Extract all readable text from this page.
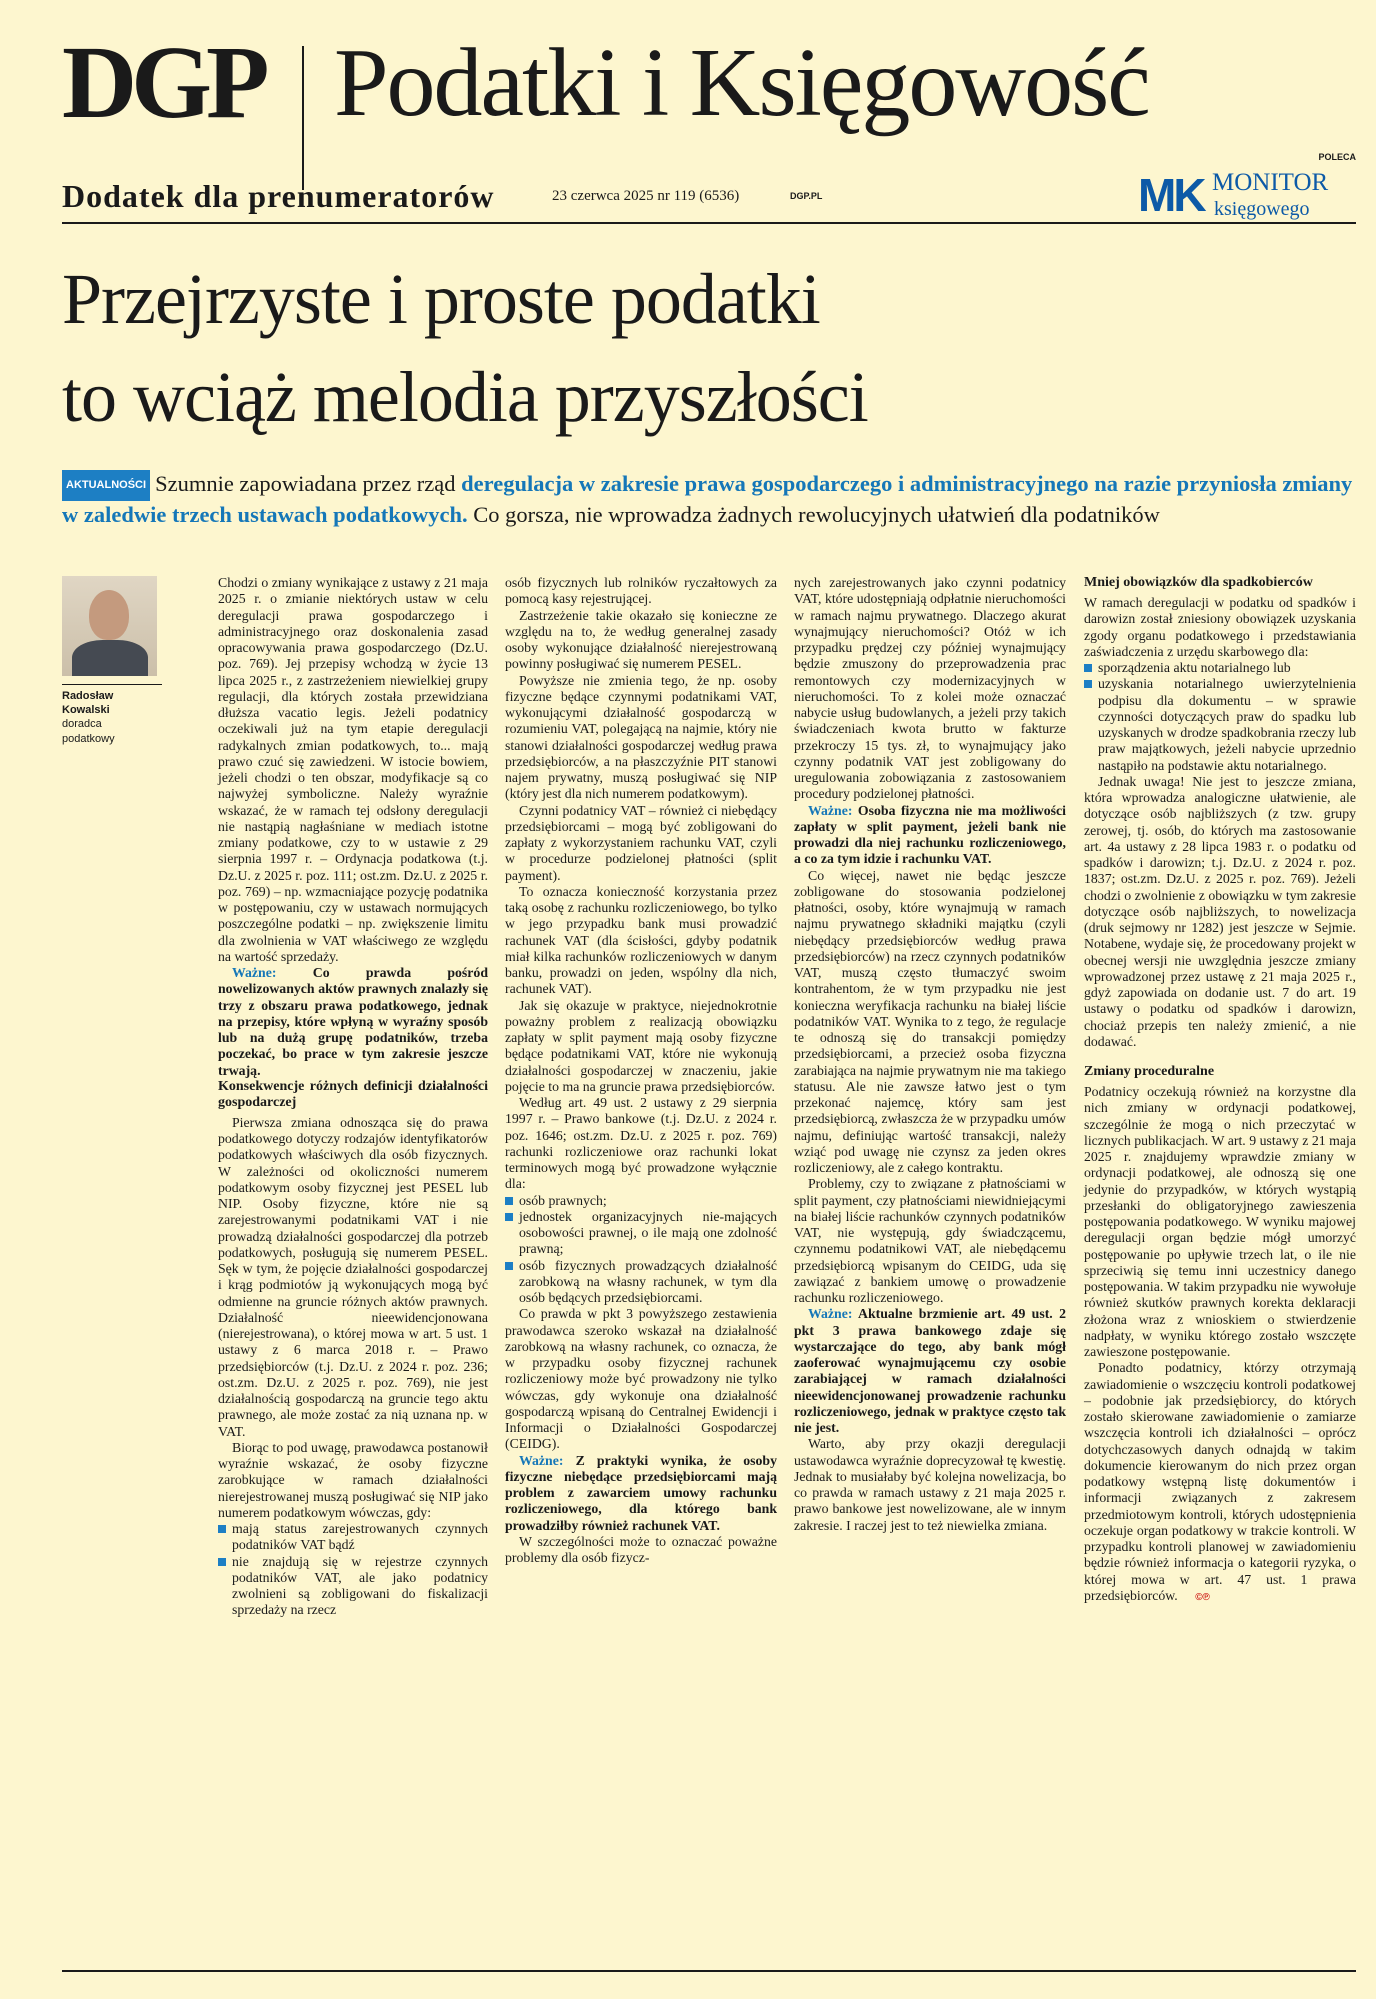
DGP Podatki i Księgowość
Dodatek dla prenumeratorów	23 czerwca 2025 nr 119 (6536)	DGP.PL
POLECA
MK MONITOR
księgowego
Przejrzyste i proste podatki
to wciąż melodia przyszłości
AKTUALNOŚCI Szumnie zapowiadana przez rząd deregulacja w zakresie prawa gospodarczego i administracyjnego na razie przyniosła zmiany w zaledwie trzech ustawach podatkowych. Co gorsza, nie wprowadza żadnych rewolucyjnych ułatwień dla podatników
Radosław
Kowalski
doradca
podatkowy

Chodzi o zmiany wynikające z ustawy z 21 maja 2025 r. o zmianie niektórych ustaw w celu deregulacji prawa gospodarczego i administracyjnego oraz doskonalenia zasad opracowywania prawa gospodarczego (Dz.U. poz. 769). Jej przepisy wchodzą w życie 13 lipca 2025 r., z zastrzeżeniem niewielkiej grupy regulacji, dla których została przewidziana dłuższa vacatio legis. Jeżeli podatnicy oczekiwali już na tym etapie deregulacji radykalnych zmian podatkowych, to... mają prawo czuć się zawiedzeni. W istocie bowiem, jeżeli chodzi o ten obszar, modyfikacje są co najwyżej symboliczne. Należy wyraźnie wskazać, że w ramach tej odsłony deregulacji nie nastąpią nagłaśniane w mediach istotne zmiany podatkowe, czy to w ustawie z 29 sierpnia 1997 r. – Ordynacja podatkowa (t.j. Dz.U. z 2025 r. poz. 111; ost.zm. Dz.U. z 2025 r. poz. 769) – np. wzmacniające pozycję podatnika w postępowaniu, czy w ustawach normujących poszczególne podatki – np. zwiększenie limitu dla zwolnienia w VAT właściwego ze względu na wartość sprzedaży.

Ważne: Co prawda pośród nowelizowanych aktów prawnych znalazły się trzy z obszaru prawa podatkowego, jednak na przepisy, które wpłyną w wyraźny sposób lub na dużą grupę podatników, trzeba poczekać, bo prace w tym zakresie jeszcze trwają.

Konsekwencje różnych definicji działalności gospodarczej

Pierwsza zmiana odnosząca się do prawa podatkowego dotyczy rodzajów identyfikatorów podatkowych właściwych dla osób fizycznych. W zależności od okoliczności numerem podatkowym osoby fizycznej jest PESEL lub NIP. Osoby fizyczne, które nie są zarejestrowanymi podatnikami VAT i nie prowadzą działalności gospodarczej dla potrzeb podatkowych, posługują się numerem PESEL. Sęk w tym, że pojęcie działalności gospodarczej i krąg podmiotów ją wykonujących mogą być odmienne na gruncie różnych aktów prawnych. Działalność nieewidencjonowana (nierejestrowana), o której mowa w art. 5 ust. 1 ustawy z 6 marca 2018 r. – Prawo przedsiębiorców (t.j. Dz.U. z 2024 r. poz. 236; ost.zm. Dz.U. z 2025 r. poz. 769), nie jest działalnością gospodarczą na gruncie tego aktu prawnego, ale może zostać za nią uznana np. w VAT.

Biorąc to pod uwagę, prawodawca postanowił wyraźnie wskazać, że osoby fizyczne zarobkujące w ramach działalności nierejestrowanej muszą posługiwać się NIP jako numerem podatkowym wówczas, gdy:

mają status zarejestrowanych czynnych podatników VAT bądź
nie znajdują się w rejestrze czynnych podatników VAT, ale jako podatnicy zwolnieni są zobligowani do fiskalizacji sprzedaży na rzecz

osób fizycznych lub rolników ryczałtowych za pomocą kasy rejestrującej.

Zastrzeżenie takie okazało się konieczne ze względu na to, że według generalnej zasady osoby wykonujące działalność nierejestrowaną powinny posługiwać się numerem PESEL.

Powyższe nie zmienia tego, że np. osoby fizyczne będące czynnymi podatnikami VAT, wykonującymi działalność gospodarczą w rozumieniu VAT, polegającą na najmie, który nie stanowi działalności gospodarczej według prawa przedsiębiorców, a na płaszczyźnie PIT stanowi najem prywatny, muszą posługiwać się NIP (który jest dla nich numerem podatkowym).

Czynni podatnicy VAT – również ci niebędący przedsiębiorcami – mogą być zobligowani do zapłaty z wykorzystaniem rachunku VAT, czyli w procedurze podzielonej płatności (split payment).

To oznacza konieczność korzystania przez taką osobę z rachunku rozliczeniowego, bo tylko w jego przypadku bank musi prowadzić rachunek VAT (dla ścisłości, gdyby podatnik miał kilka rachunków rozliczeniowych w danym banku, prowadzi on jeden, wspólny dla nich, rachunek VAT).

Jak się okazuje w praktyce, niejednokrotnie poważny problem z realizacją obowiązku zapłaty w split payment mają osoby fizyczne będące podatnikami VAT, które nie wykonują działalności gospodarczej w znaczeniu, jakie pojęcie to ma na gruncie prawa przedsiębiorców.

Według art. 49 ust. 2 ustawy z 29 sierpnia 1997 r. – Prawo bankowe (t.j. Dz.U. z 2024 r. poz. 1646; ost.zm. Dz.U. z 2025 r. poz. 769) rachunki rozliczeniowe oraz rachunki lokat terminowych mogą być prowadzone wyłącznie dla:

osób prawnych;
jednostek organizacyjnych nie-mających osobowości prawnej, o ile mają one zdolność prawną;
osób fizycznych prowadzących działalność zarobkową na własny rachunek, w tym dla osób będących przedsiębiorcami.

Co prawda w pkt 3 powyższego zestawienia prawodawca szeroko wskazał na działalność zarobkową na własny rachunek, co oznacza, że w przypadku osoby fizycznej rachunek rozliczeniowy może być prowadzony nie tylko wówczas, gdy wykonuje ona działalność gospodarczą wpisaną do Centralnej Ewidencji i Informacji o Działalności Gospodarczej (CEIDG).

Ważne: Z praktyki wynika, że osoby fizyczne niebędące przedsiębiorcami mają problem z zawarciem umowy rachunku rozliczeniowego, dla którego bank prowadziłby również rachunek VAT.

W szczególności może to oznaczać poważne problemy dla osób fizycz-

nych zarejestrowanych jako czynni podatnicy VAT, które udostępniają odpłatnie nieruchomości w ramach najmu prywatnego. Dlaczego akurat wynajmujący nieruchomości? Otóż w ich przypadku prędzej czy później wynajmujący będzie zmuszony do przeprowadzenia prac remontowych czy modernizacyjnych w nieruchomości. To z kolei może oznaczać nabycie usług budowlanych, a jeżeli przy takich świadczeniach kwota brutto w fakturze przekroczy 15 tys. zł, to wynajmujący jako czynny podatnik VAT jest zobligowany do uregulowania zobowiązania z zastosowaniem procedury podzielonej płatności.

Ważne: Osoba fizyczna nie ma możliwości zapłaty w split payment, jeżeli bank nie prowadzi dla niej rachunku rozliczeniowego, a co za tym idzie i rachunku VAT.

Co więcej, nawet nie będąc jeszcze zobligowane do stosowania podzielonej płatności, osoby, które wynajmują w ramach najmu prywatnego składniki majątku (czyli niebędący przedsiębiorców według prawa przedsiębiorców) na rzecz czynnych podatników VAT, muszą często tłumaczyć swoim kontrahentom, że w tym przypadku nie jest konieczna weryfikacja rachunku na białej liście podatników VAT. Wynika to z tego, że regulacje te odnoszą się do transakcji pomiędzy przedsiębiorcami, a przecież osoba fizyczna zarabiająca na najmie prywatnym nie ma takiego statusu. Ale nie zawsze łatwo jest o tym przekonać najemcę, który sam jest przedsiębiorcą, zwłaszcza że w przypadku umów najmu, definiując wartość transakcji, należy wziąć pod uwagę nie czynsz za jeden okres rozliczeniowy, ale z całego kontraktu.

Problemy, czy to związane z płatnościami w split payment, czy płatnościami niewidniejącymi na białej liście rachunków czynnych podatników VAT, nie występują, gdy świadczącemu, czynnemu podatnikowi VAT, ale niebędącemu przedsiębiorcą wpisanym do CEIDG, uda się zawiązać z bankiem umowę o prowadzenie rachunku rozliczeniowego.

Ważne: Aktualne brzmienie art. 49 ust. 2 pkt 3 prawa bankowego zdaje się wystarczające do tego, aby bank mógł zaoferować wynajmującemu czy osobie zarabiającej w ramach działalności nieewidencjonowanej prowadzenie rachunku rozliczeniowego, jednak w praktyce często tak nie jest.

Warto, aby przy okazji deregulacji ustawodawca wyraźnie doprecyzował tę kwestię. Jednak to musiałaby być kolejna nowelizacja, bo co prawda w ramach ustawy z 21 maja 2025 r. prawo bankowe jest nowelizowane, ale w innym zakresie. I raczej jest to też niewielka zmiana.

Mniej obowiązków dla spadkobierców

W ramach deregulacji w podatku od spadków i darowizn został zniesiony obowiązek uzyskania zgody organu podatkowego i przedstawiania zaświadczenia z urzędu skarbowego dla:

sporządzenia aktu notarialnego lub
uzyskania notarialnego uwierzytelnienia podpisu dla dokumentu – w sprawie czynności dotyczących praw do spadku lub uzyskanych w drodze spadkobrania rzeczy lub praw majątkowych, jeżeli nabycie uprzednio nastąpiło na podstawie aktu notarialnego.

Jednak uwaga! Nie jest to jeszcze zmiana, która wprowadza analogiczne ułatwienie, ale dotyczące osób najbliższych (z tzw. grupy zerowej, tj. osób, do których ma zastosowanie art. 4a ustawy z 28 lipca 1983 r. o podatku od spadków i darowizn; t.j. Dz.U. z 2024 r. poz. 1837; ost.zm. Dz.U. z 2025 r. poz. 769). Jeżeli chodzi o zwolnienie z obowiązku w tym zakresie dotyczące osób najbliższych, to nowelizacja (druk sejmowy nr 1282) jest jeszcze w Sejmie. Notabene, wydaje się, że procedowany projekt w obecnej wersji nie uwzględnia jeszcze zmiany wprowadzonej przez ustawę z 21 maja 2025 r., gdyż zapowiada on dodanie ust. 7 do art. 19 ustawy o podatku od spadków i darowizn, chociaż przepis ten należy zmienić, a nie dodawać.

Zmiany proceduralne

Podatnicy oczekują również na korzystne dla nich zmiany w ordynacji podatkowej, szczególnie że mogą o nich przeczytać w licznych publikacjach. W art. 9 ustawy z 21 maja 2025 r. znajdujemy wprawdzie zmiany w ordynacji podatkowej, ale odnoszą się one jedynie do przypadków, w których wystąpią przesłanki do obligatoryjnego zawieszenia postępowania podatkowego. W wyniku majowej deregulacji organ będzie mógł umorzyć postępowanie po upływie trzech lat, o ile nie sprzeciwią się temu inni uczestnicy danego postępowania. W takim przypadku nie wywołuje również skutków prawnych korekta deklaracji złożona wraz z wnioskiem o stwierdzenie nadpłaty, w wyniku którego zostało wszczęte zawieszone postępowanie.

Ponadto podatnicy, którzy otrzymają zawiadomienie o wszczęciu kontroli podatkowej – podobnie jak przedsiębiorcy, do których zostało skierowane zawiadomienie o zamiarze wszczęcia kontroli ich działalności – oprócz dotychczasowych danych odnajdą w takim dokumencie kierowanym do nich przez organ podatkowy wstępną listę dokumentów i informacji związanych z zakresem przedmiotowym kontroli, których udostępnienia oczekuje organ podatkowy w trakcie kontroli. W przypadku kontroli planowej w zawiadomieniu będzie również informacja o kategorii ryzyka, o której mowa w art. 47 ust. 1 prawa przedsiębiorców. ©℗
